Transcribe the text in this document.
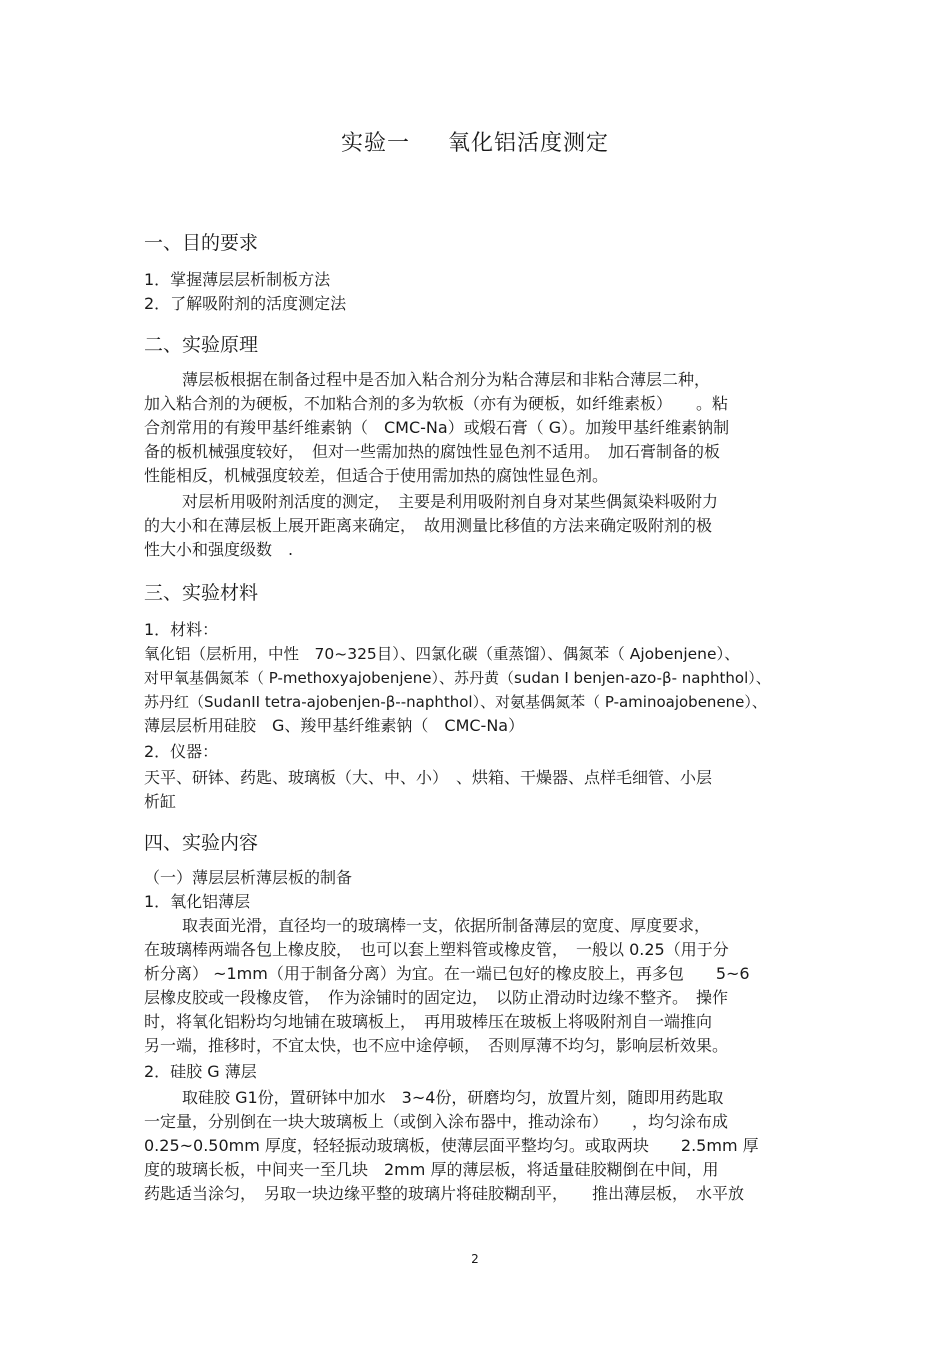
实验一 氧化铝活度测定
一、目的要求
1．掌握薄层层析制板方法
2．了解吸附剂的活度测定法
二、实验原理
薄层板根据在制备过程中是否加入粘合剂分为粘合薄层和非粘合薄层二种，
加入粘合剂的为硬板，不加粘合剂的多为软板（亦有为硬板，如纤维素板）　　。粘
合剂常用的有羧甲基纤维素钠（　CMC-Na）或煅石膏（ G）。加羧甲基纤维素钠制
备的板机械强度较好，　但对一些需加热的腐蚀性显色剂不适用。　加石膏制备的板
性能相反，机械强度较差，但适合于使用需加热的腐蚀性显色剂。
对层析用吸附剂活度的测定，　主要是利用吸附剂自身对某些偶氮染料吸附力
的大小和在薄层板上展开距离来确定，　故用测量比移值的方法来确定吸附剂的极
性大小和强度级数　.
三、实验材料
1．材料：
氧化铝（层析用，中性　70~325目）、四氯化碳（重蒸馏）、偶氮苯（ Ajobenjene）、
对甲氧基偶氮苯（ P-methoxyajobenjene）、苏丹黄（sudan I benjen-azo-β- naphthol）、
苏丹红（SudanII tetra-ajobenjen-β--naphthol）、对氨基偶氮苯（ P-aminoajobenene）、
薄层层析用硅胶　G、羧甲基纤维素钠（　CMC-Na）
2．仪器：
天平、研钵、药匙、玻璃板（大、中、小）　、烘箱、干燥器、点样毛细管、小层
析缸
四、实验内容
（一）薄层层析薄层板的制备
1．氧化铝薄层
取表面光滑，直径均一的玻璃棒一支，依据所制备薄层的宽度、厚度要求，
在玻璃棒两端各包上橡皮胶，　也可以套上塑料管或橡皮管，　一般以 0.25（用于分
析分离） ~1mm（用于制备分离）为宜。在一端已包好的橡皮胶上，再多包　　5~6
层橡皮胶或一段橡皮管，　作为涂铺时的固定边，　以防止滑动时边缘不整齐。　操作
时，将氧化铝粉均匀地铺在玻璃板上，　再用玻棒压在玻板上将吸附剂自一端推向
另一端，推移时，不宜太快，也不应中途停顿，　否则厚薄不均匀，影响层析效果。
2．硅胶 G 薄层
取硅胶 G1份，置研钵中加水　3~4份，研磨均匀，放置片刻，随即用药匙取
一定量，分别倒在一块大玻璃板上（或倒入涂布器中，推动涂布）　　，均匀涂布成
0.25~0.50mm 厚度，轻轻振动玻璃板，使薄层面平整均匀。或取两块　　2.5mm 厚
度的玻璃长板，中间夹一至几块　2mm 厚的薄层板，将适量硅胶糊倒在中间，用
药匙适当涂匀，　另取一块边缘平整的玻璃片将硅胶糊刮平，　　推出薄层板，　水平放
2
